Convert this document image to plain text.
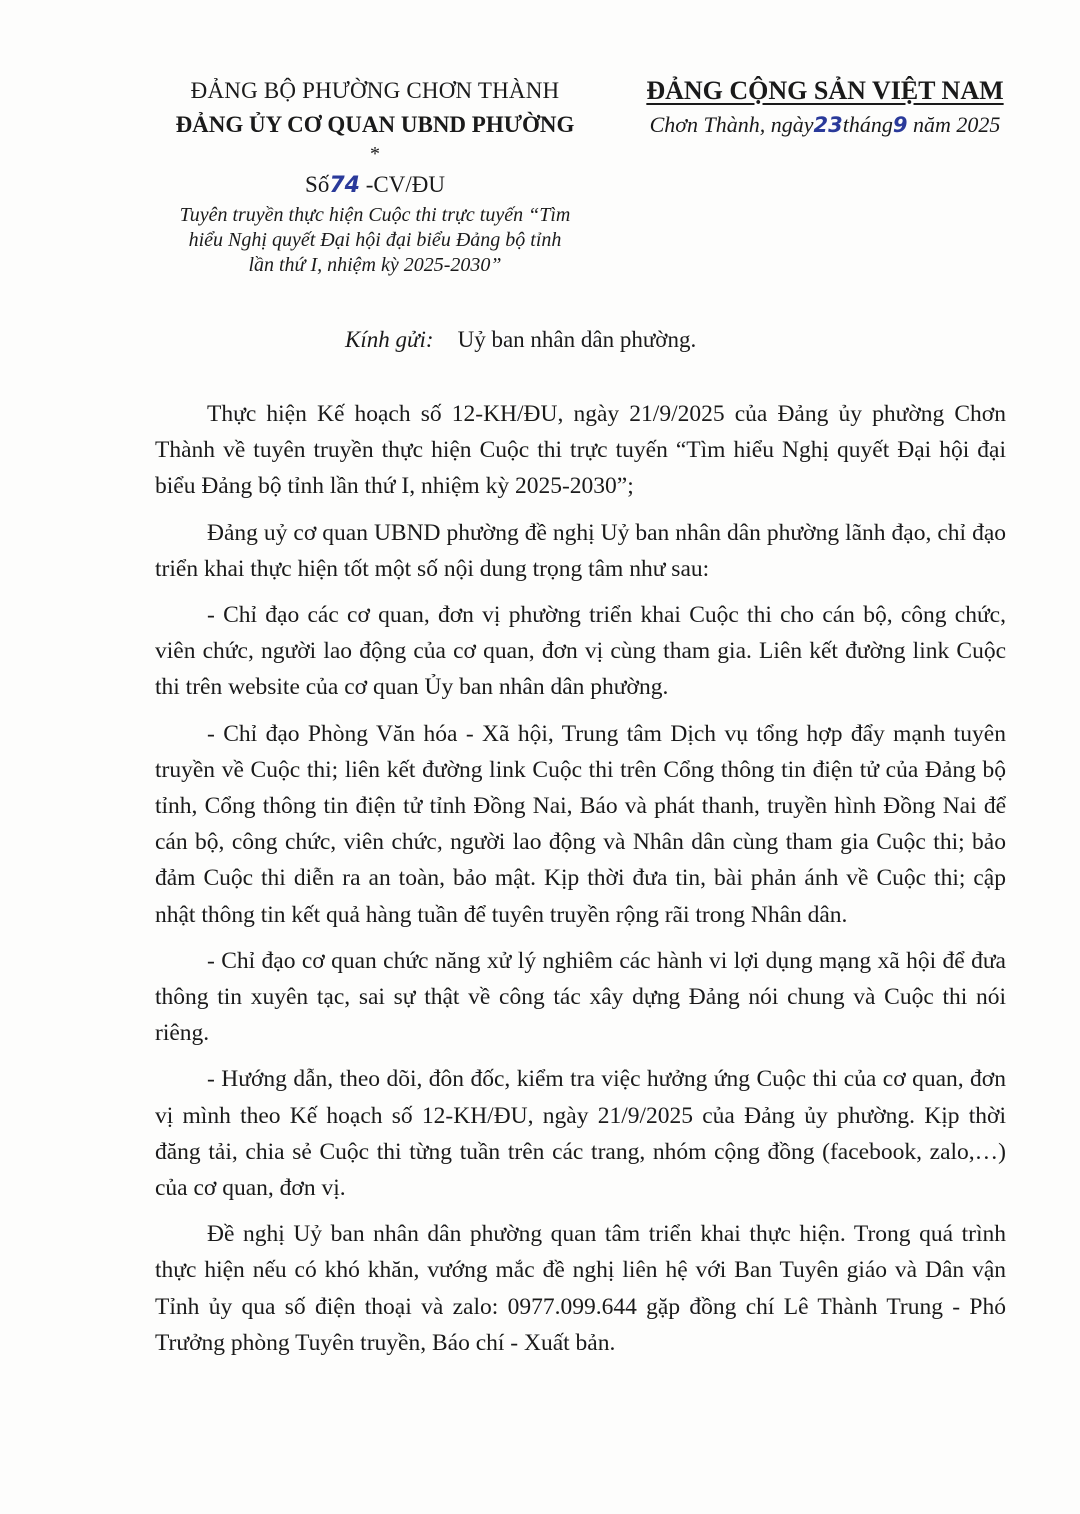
ĐẢNG BỘ PHƯỜNG CHƠN THÀNH
ĐẢNG ỦY CƠ QUAN UBND PHƯỜNG
*
Số74 -CV/ĐU
Tuyên truyền thực hiện Cuộc thi trực tuyến “Tìm
hiểu Nghị quyết Đại hội đại biểu Đảng bộ tỉnh
lần thứ I, nhiệm kỳ 2025-2030”
ĐẢNG CỘNG SẢN VIỆT NAM
Chơn Thành, ngày23tháng9 năm 2025
Kính gửi: Uỷ ban nhân dân phường.

Thực hiện Kế hoạch số 12-KH/ĐU, ngày 21/9/2025 của Đảng ủy phường Chơn Thành về tuyên truyền thực hiện Cuộc thi trực tuyến “Tìm hiểu Nghị quyết Đại hội đại biểu Đảng bộ tỉnh lần thứ I, nhiệm kỳ 2025-2030”;

Đảng uỷ cơ quan UBND phường đề nghị Uỷ ban nhân dân phường lãnh đạo, chỉ đạo triển khai thực hiện tốt một số nội dung trọng tâm như sau:

- Chỉ đạo các cơ quan, đơn vị phường triển khai Cuộc thi cho cán bộ, công chức, viên chức, người lao động của cơ quan, đơn vị cùng tham gia. Liên kết đường link Cuộc thi trên website của cơ quan Ủy ban nhân dân phường.

- Chỉ đạo Phòng Văn hóa - Xã hội, Trung tâm Dịch vụ tổng hợp đẩy mạnh tuyên truyền về Cuộc thi; liên kết đường link Cuộc thi trên Cổng thông tin điện tử của Đảng bộ tỉnh, Cổng thông tin điện tử tỉnh Đồng Nai, Báo và phát thanh, truyền hình Đồng Nai để cán bộ, công chức, viên chức, người lao động và Nhân dân cùng tham gia Cuộc thi; bảo đảm Cuộc thi diễn ra an toàn, bảo mật. Kịp thời đưa tin, bài phản ánh về Cuộc thi; cập nhật thông tin kết quả hàng tuần để tuyên truyền rộng rãi trong Nhân dân.

- Chỉ đạo cơ quan chức năng xử lý nghiêm các hành vi lợi dụng mạng xã hội để đưa thông tin xuyên tạc, sai sự thật về công tác xây dựng Đảng nói chung và Cuộc thi nói riêng.

- Hướng dẫn, theo dõi, đôn đốc, kiểm tra việc hưởng ứng Cuộc thi của cơ quan, đơn vị mình theo Kế hoạch số 12-KH/ĐU, ngày 21/9/2025 của Đảng ủy phường. Kịp thời đăng tải, chia sẻ Cuộc thi từng tuần trên các trang, nhóm cộng đồng (facebook, zalo,…) của cơ quan, đơn vị.

Đề nghị Uỷ ban nhân dân phường quan tâm triển khai thực hiện. Trong quá trình thực hiện nếu có khó khăn, vướng mắc đề nghị liên hệ với Ban Tuyên giáo và Dân vận Tỉnh ủy qua số điện thoại và zalo: 0977.099.644 gặp đồng chí Lê Thành Trung - Phó Trưởng phòng Tuyên truyền, Báo chí - Xuất bản.
